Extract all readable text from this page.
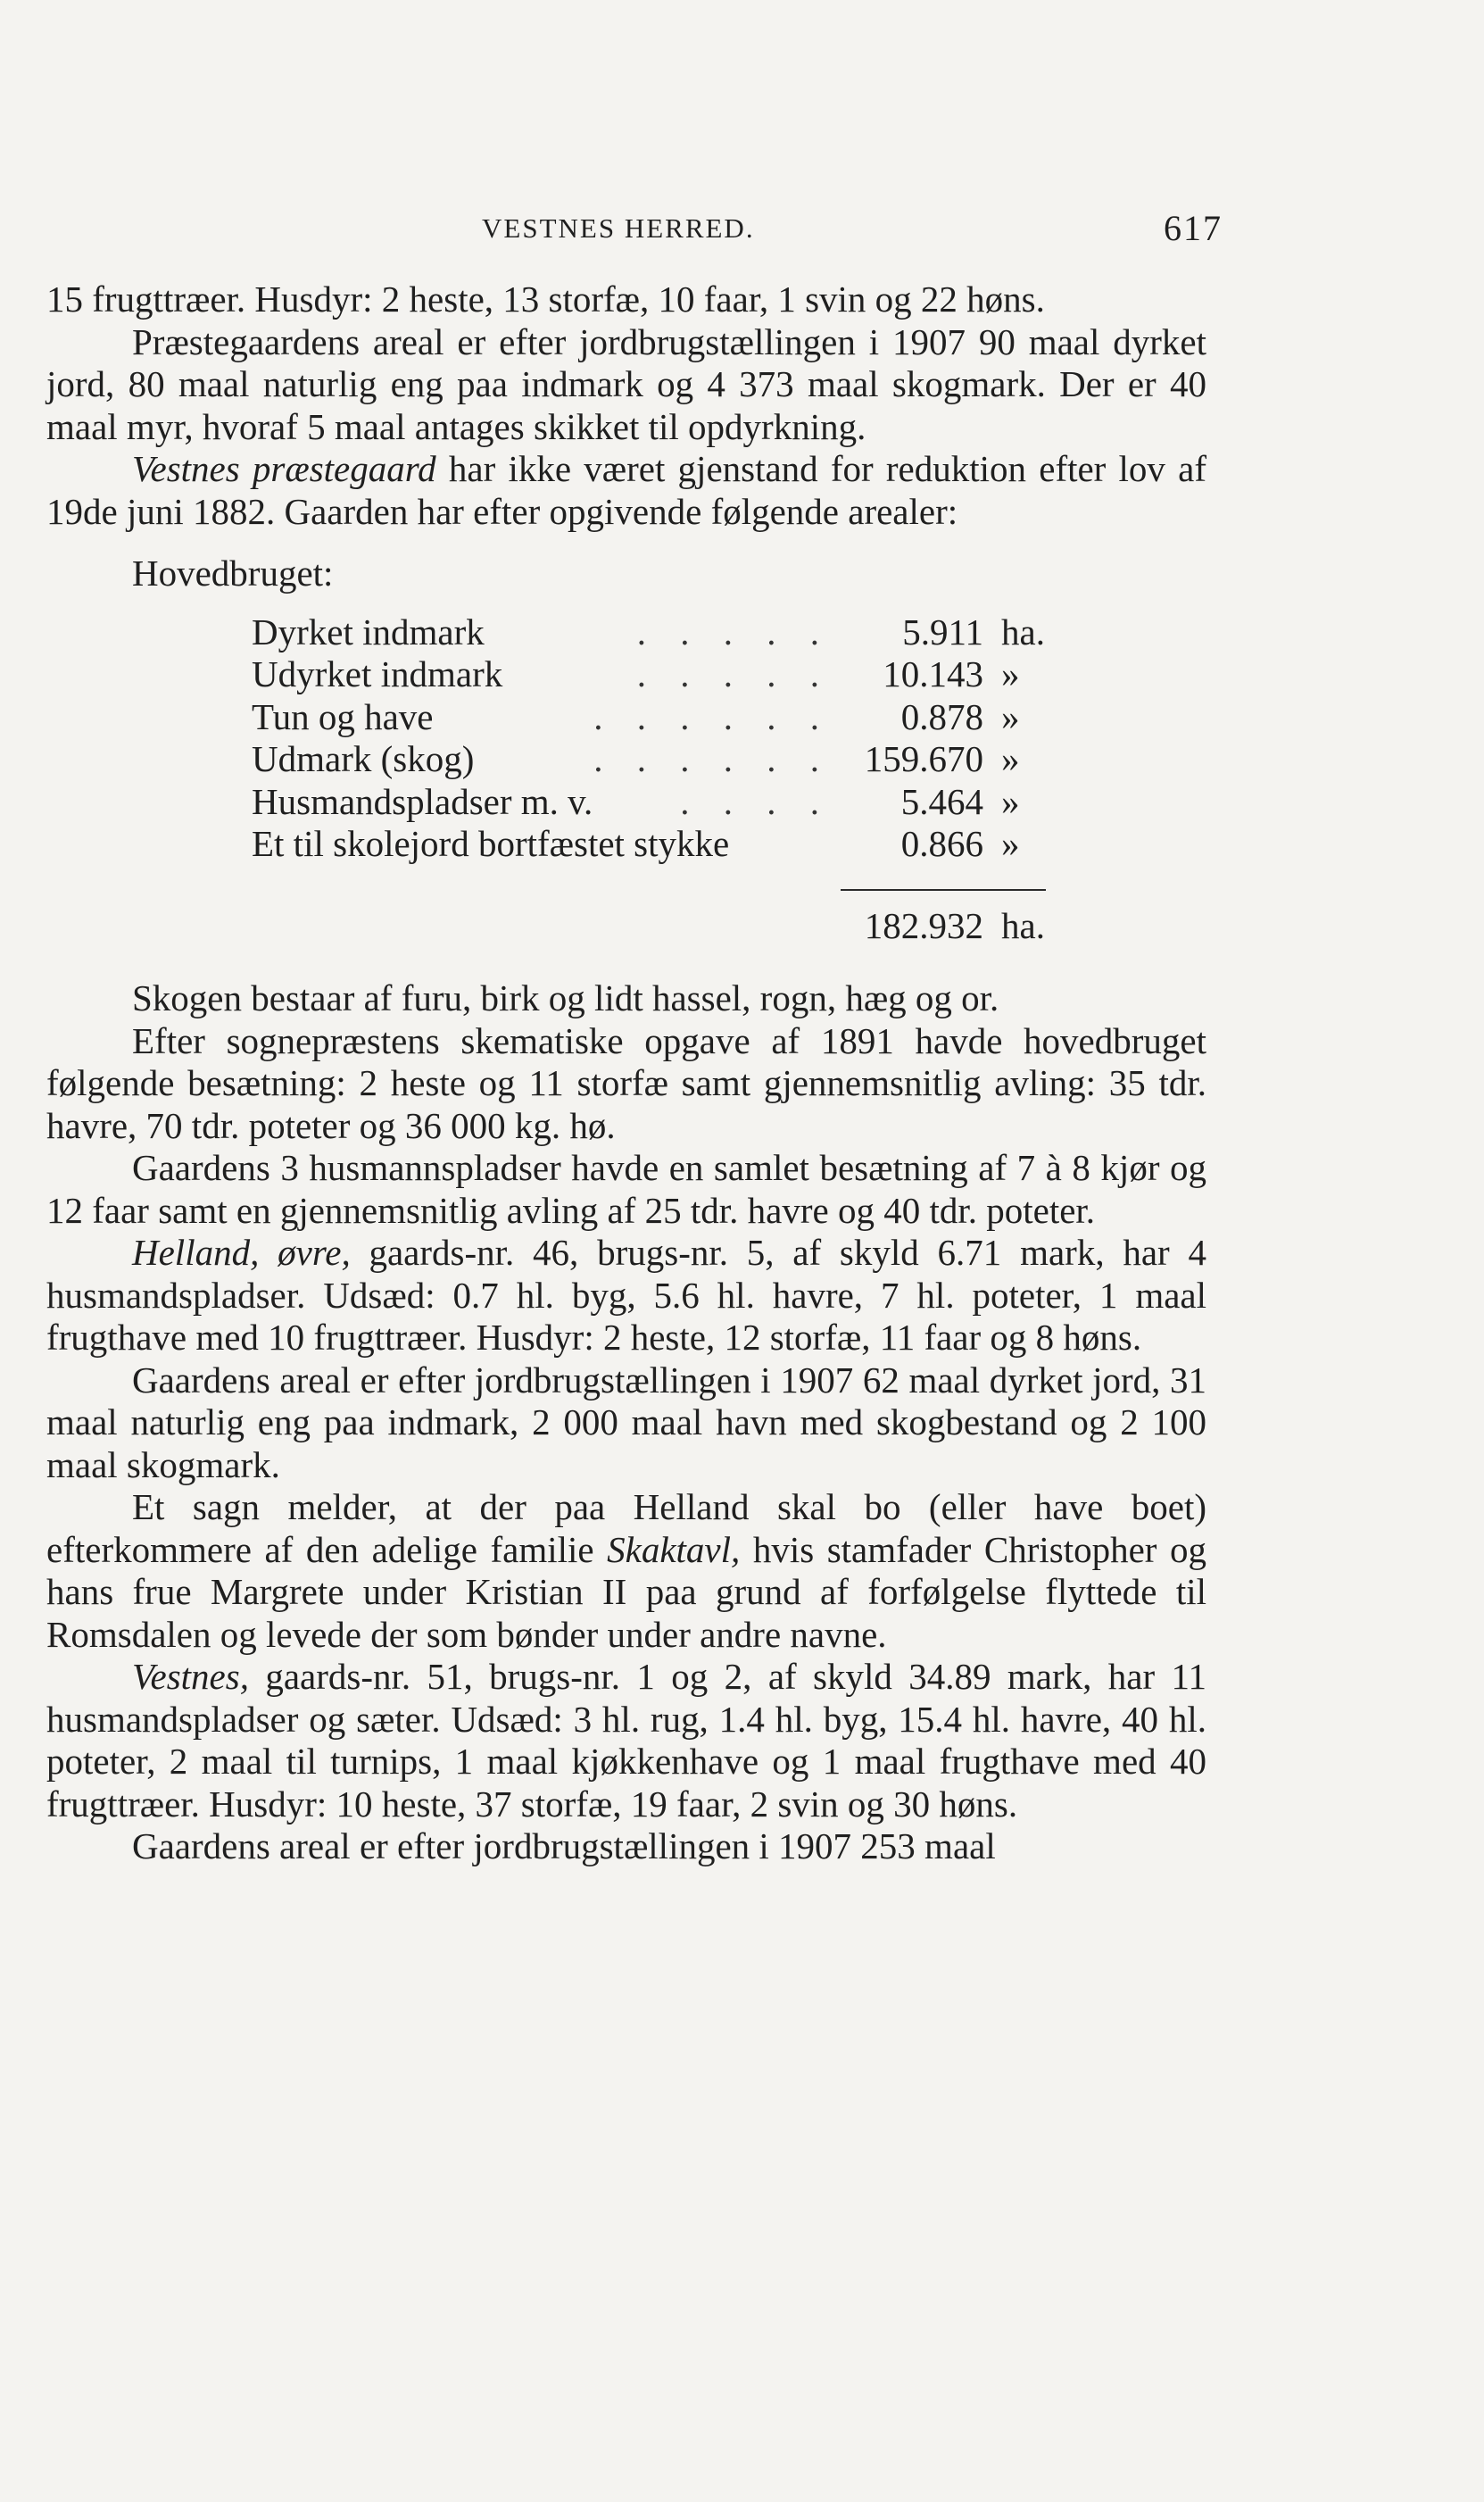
VESTNES HERRED.	617

15 frugttræer. Husdyr: 2 heste, 13 storfæ, 10 faar, 1 svin og 22 høns.

Præstegaardens areal er efter jordbrugstællingen i 1907 90 maal dyrket jord, 80 maal naturlig eng paa indmark og 4 373 maal skogmark. Der er 40 maal myr, hvoraf 5 maal antages skikket til opdyrkning.

Vestnes præstegaard har ikke været gjenstand for reduktion efter lov af 19de juni 1882. Gaarden har efter opgivende følgende arealer:

Hovedbruget:
. . . . .
Dyrket indmark	5.911 ha.
. . . . .
Udyrket indmark	10.143 »
. . . . . .
Tun og have	0.878 »
. . . . . .
Udmark (skog)	159.670 »
. . . .
Husmandspladser m. v.	5.464 »
Et til skolejord bortfæstet stykke	0.866 »
182.932 ha.

Skogen bestaar af furu, birk og lidt hassel, rogn, hæg og or.

Efter sognepræstens skematiske opgave af 1891 havde hovedbruget følgende besætning: 2 heste og 11 storfæ samt gjennemsnitlig avling: 35 tdr. havre, 70 tdr. poteter og 36 000 kg. hø.

Gaardens 3 husmannspladser havde en samlet besætning af 7 à 8 kjør og 12 faar samt en gjennemsnitlig avling af 25 tdr. havre og 40 tdr. poteter.

Helland, øvre, gaards-nr. 46, brugs-nr. 5, af skyld 6.71 mark, har 4 husmandspladser. Udsæd: 0.7 hl. byg, 5.6 hl. havre, 7 hl. poteter, 1 maal frugthave med 10 frugttræer. Husdyr: 2 heste, 12 storfæ, 11 faar og 8 høns.

Gaardens areal er efter jordbrugstællingen i 1907 62 maal dyrket jord, 31 maal naturlig eng paa indmark, 2 000 maal havn med skogbestand og 2 100 maal skogmark.

Et sagn melder, at der paa Helland skal bo (eller have boet) efterkommere af den adelige familie Skaktavl, hvis stamfader Christopher og hans frue Margrete under Kristian II paa grund af forfølgelse flyttede til Romsdalen og levede der som bønder under andre navne.

Vestnes, gaards-nr. 51, brugs-nr. 1 og 2, af skyld 34.89 mark, har 11 husmandspladser og sæter. Udsæd: 3 hl. rug, 1.4 hl. byg, 15.4 hl. havre, 40 hl. poteter, 2 maal til turnips, 1 maal kjøkkenhave og 1 maal frugthave med 40 frugttræer. Husdyr: 10 heste, 37 storfæ, 19 faar, 2 svin og 30 høns.

Gaardens areal er efter jordbrugstællingen i 1907 253 maal
